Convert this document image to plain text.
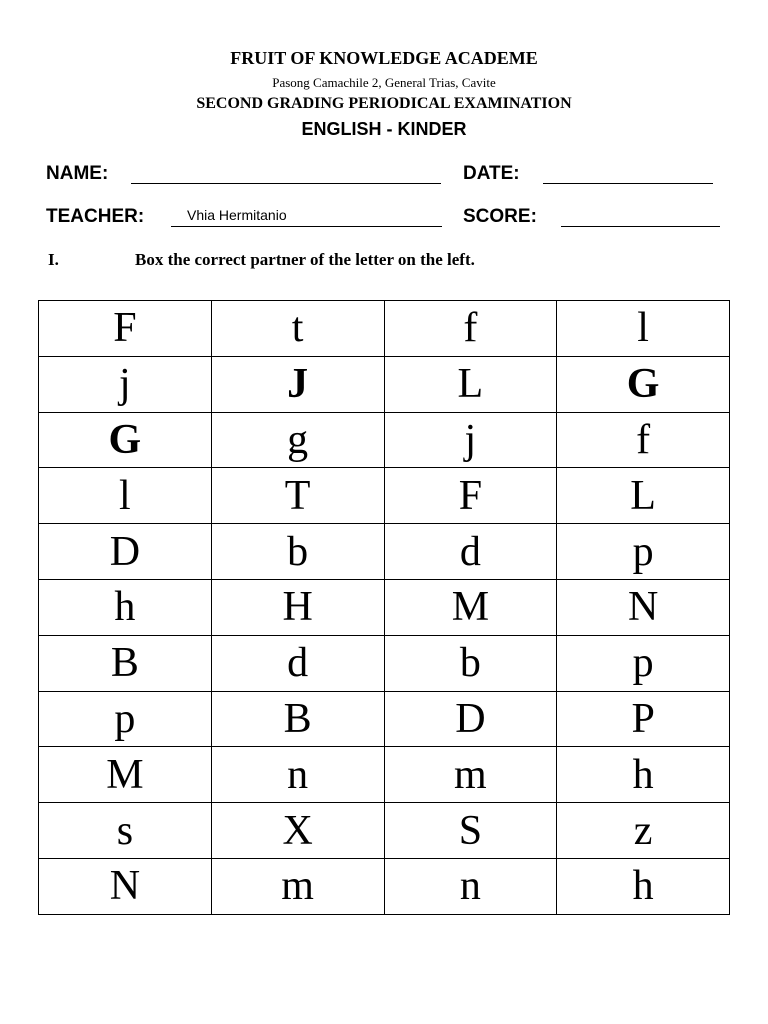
FRUIT OF KNOWLEDGE ACADEME
Pasong Camachile 2, General Trias, Cavite
SECOND GRADING PERIODICAL EXAMINATION
ENGLISH - KINDER
NAME:	DATE:
TEACHER:	Vhia Hermitanio	SCORE:
I.	Box the correct partner of the letter on the left.
F	t	f	l
j	J	L	G
G	g	j	f
l	T	F	L
D	b	d	p
h	H	M	N
B	d	b	p
p	B	D	P
M	n	m	h
s	X	S	z
N	m	n	h
